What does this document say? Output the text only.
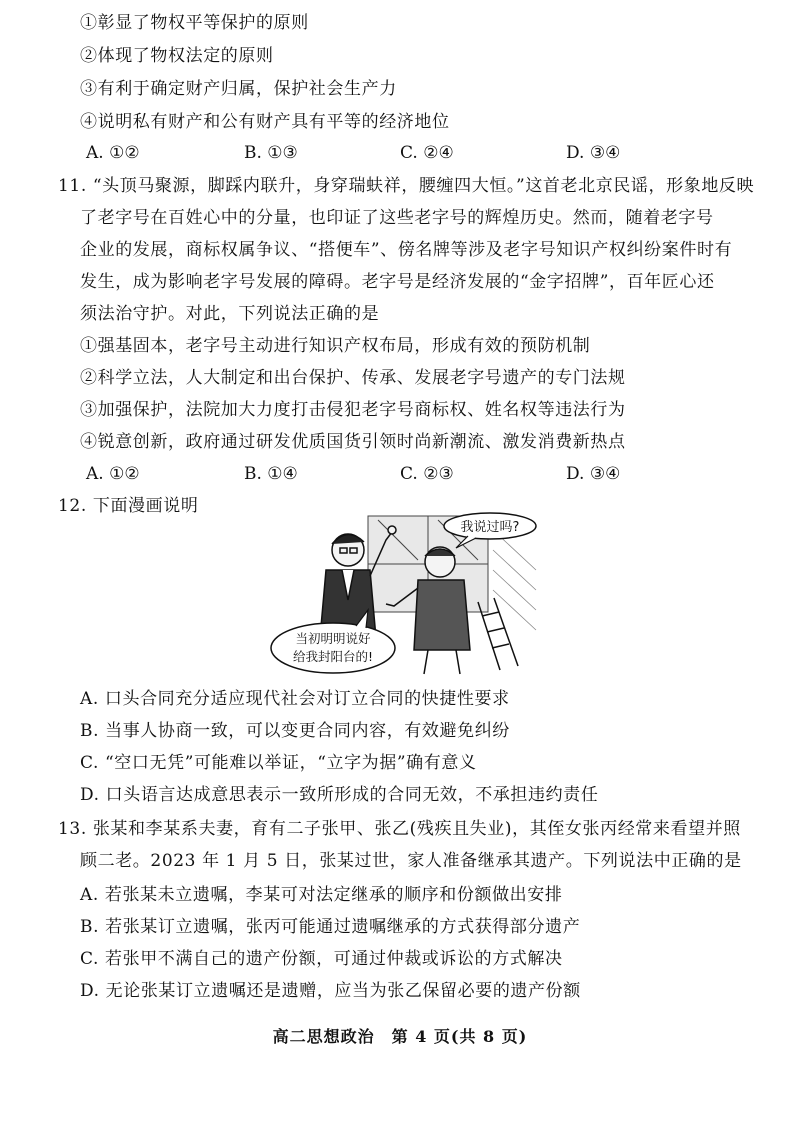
①彰显了物权平等保护的原则
②体现了物权法定的原则
③有利于确定财产归属，保护社会生产力
④说明私有财产和公有财产具有平等的经济地位
A. ①②	B. ①③	C. ②④	D. ③④
11. “头顶马聚源，脚踩内联升，身穿瑞蚨祥，腰缠四大恒。”这首老北京民谣，形象地反映
了老字号在百姓心中的分量，也印证了这些老字号的辉煌历史。然而，随着老字号
企业的发展，商标权属争议、“搭便车”、傍名牌等涉及老字号知识产权纠纷案件时有
发生，成为影响老字号发展的障碍。老字号是经济发展的“金字招牌”，百年匠心还
须法治守护。对此，下列说法正确的是
①强基固本，老字号主动进行知识产权布局，形成有效的预防机制
②科学立法，人大制定和出台保护、传承、发展老字号遗产的专门法规
③加强保护，法院加大力度打击侵犯老字号商标权、姓名权等违法行为
④锐意创新，政府通过研发优质国货引领时尚新潮流、激发消费新热点
A. ①②	B. ①④	C. ②③	D. ③④
12. 下面漫画说明
我说过吗?
当初明明说好
给我封阳台的!
A. 口头合同充分适应现代社会对订立合同的快捷性要求
B. 当事人协商一致，可以变更合同内容，有效避免纠纷
C. “空口无凭”可能难以举证，“立字为据”确有意义
D. 口头语言达成意思表示一致所形成的合同无效，不承担违约责任
13. 张某和李某系夫妻，育有二子张甲、张乙(残疾且失业)，其侄女张丙经常来看望并照
顾二老。2023 年 1 月 5 日，张某过世，家人准备继承其遗产。下列说法中正确的是
A. 若张某未立遗嘱，李某可对法定继承的顺序和份额做出安排
B. 若张某订立遗嘱，张丙可能通过遗嘱继承的方式获得部分遗产
C. 若张甲不满自己的遗产份额，可通过仲裁或诉讼的方式解决
D. 无论张某订立遗嘱还是遗赠，应当为张乙保留必要的遗产份额
高二思想政治　第 4 页(共 8 页)
